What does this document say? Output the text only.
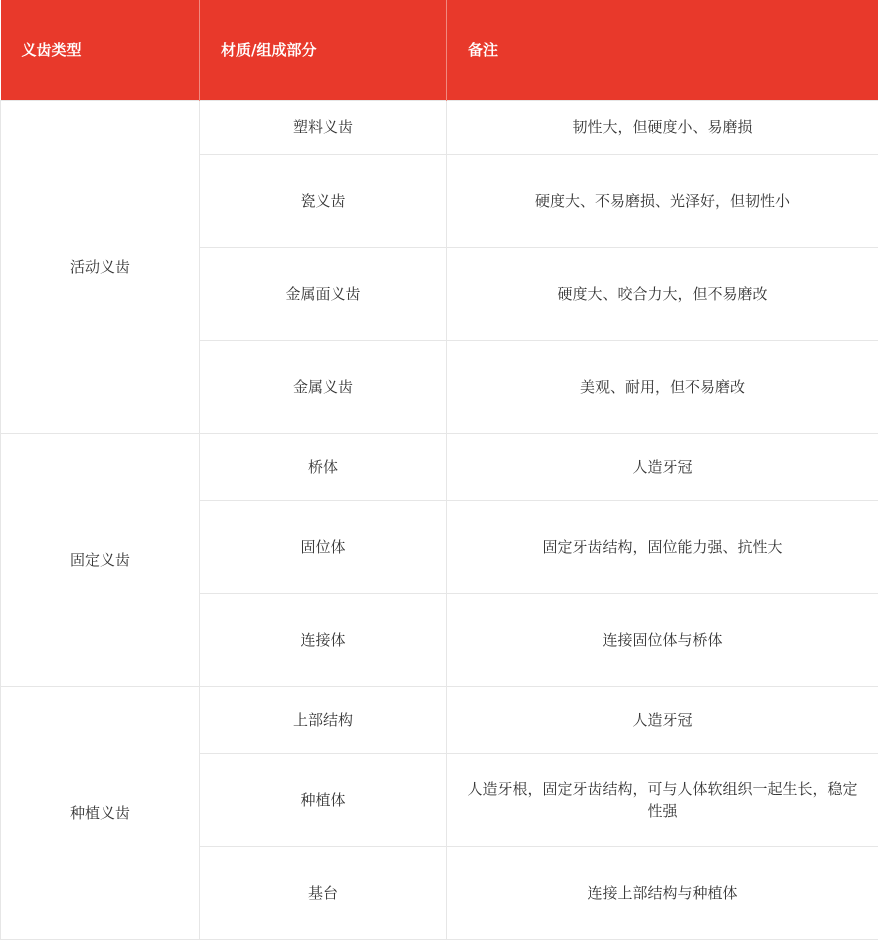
义齿类型	材质/组成部分	备注
活动义齿	塑料义齿	韧性大，但硬度小、易磨损
	瓷义齿	硬度大、不易磨损、光泽好，但韧性小
	金属面义齿	硬度大、咬合力大，但不易磨改
	金属义齿	美观、耐用，但不易磨改
固定义齿	桥体	人造牙冠
	固位体	固定牙齿结构，固位能力强、抗性大
	连接体	连接固位体与桥体
种植义齿	上部结构	人造牙冠
	种植体	人造牙根，固定牙齿结构，可与人体软组织一起生长，稳定性强
	基台	连接上部结构与种植体
